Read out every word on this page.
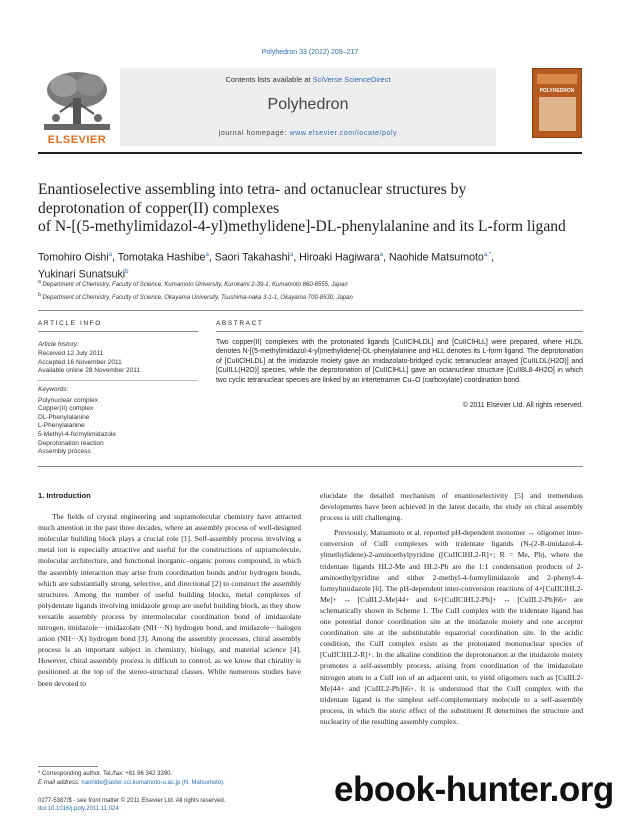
Polyhedron 33 (2012) 209–217
ELSEVIER
Contents lists available at SciVerse ScienceDirect
Polyhedron
journal homepage: www.elsevier.com/locate/poly
POLYHEDRON
Enantioselective assembling into tetra- and octanuclear structures by
deprotonation of copper(II) complexes
of N-[(5-methylimidazol-4-yl)methylidene]-DL-phenylalanine and its L-form ligand
Tomohiro Oishi$^a$, Tomotaka Hashibe$^a$, Saori Takahashi$^a$, Hiroaki Hagiwara$^a$, Naohide Matsumoto$^{a,*}$,
Yukinari Sunatsuki$^b$
$^a$ Department of Chemistry, Faculty of Science, Kumamoto University, Kurokami 2-39-1, Kumamoto 860-8555, Japan
$^b$ Department of Chemistry, Faculty of Science, Okayama University, Tsushima-naka 3-1-1, Okayama 700-8530, Japan
ARTICLE INFO	ABSTRACT
Article history:
Received 12 July 2011
Accepted 16 November 2011
Available online 28 November 2011
Keywords:
Polynuclear complex
Copper(II) complex
DL-Phenylalanine
L-Phenylalanine
5-Methyl-4-formylimidazole
Deprotonation reaction
Assembly process
Two copper(II) complexes with the protonated ligands [CuIIClHLDL] and [CuIIClHLL] were prepared, where HLDL denotes N-[(5-methylimidazol-4-yl)methylidene]-DL-phenylalanine and HLL denotes its L-form ligand. The deprotonation of [CuIIClHLDL] at the imidazole moiety gave an imidazolato-bridged cyclic tetranuclear arrayed [CuIILDL(H2O)] and [CuIILL(H2O)] species, while the deprotonation of [CuIIClHLL] gave an octanuclear structure [CuII8L8·4H2O] in which two cyclic tetranuclear species are linked by an intertetramer Cu–O (carboxylate) coordination bond.
© 2011 Elsevier Ltd. All rights reserved.
1. Introduction

The fields of crystal engineering and supramolecular chemistry have attracted much attention in the past three decades, where an assembly process of well-designed molecular building block plays a crucial role [1]. Self-assembly process involving a metal ion is especially attractive and useful for the constructions of supramolecule, molecular architecture, and functional inorganic–organic porous compound, in which the assembly interaction may arise from coordination bonds and/or hydrogen bonds, which are substantially strong, selective, and directional [2] to construct the assembly structures. Among the number of useful building blocks, metal complexes of polydentate ligands involving imidazole group are useful building block, as they show versatile assembly process by intermolecular coordination bond of imidazolate nitrogen, imidazole···imidazolate (NH···N) hydrogen bond, and imidazole···halogen anion (NH···X) hydrogen bond [3]. Among the assembly processes, chiral assembly process is an important subject in chemistry, biology, and material science [4]. However, chiral assembly process is difficult to control, as we know that chirality is positioned at the top of the stereo-structural classes. While numerous studies have been devoted to

elucidate the detailed mechanism of enantioselectivity [5] and tremendous developments have been achieved in the latest decade, the study on chiral assembly process is still challenging.

Previously, Matsumoto et al. reported pH-dependent monomer ↔ oligomer inter-conversion of CuII complexes with tridentate ligands (N-(2-R-imidazol-4-ylmethylidene)-2-aminoethylpyridine ([CuIIClHL2-R]+; R = Me, Ph), where the tridentate ligands HL2-Me and HL2-Ph are the 1:1 condensation products of 2-aminoethylpyridine and either 2-methyl-4-formylimidazole and 2-phenyl-4-formylimidazole [6]. The pH-dependent inter-conversion reactions of 4×[CuIIClHL2-Me]+ ↔ [CuIIL2-Me]44+ and 6×[CuIIClHL2-Ph]+ ↔ [CuIIL2-Ph]66+ are schematically shown in Scheme 1. The CuII complex with the tridentate ligand has one potential donor coordination site at the imidazole moiety and one acceptor coordination site at the substitutable equatorial coordination site. In the acidic condition, the CuII complex exists as the protonated mononuclear species of [CuIIClHL2-R]+. In the alkaline condition the deprotonation at the imidazole moiety promotes a self-assembly process, arising from coordination of the imidazolate nitrogen atom to a CuII ion of an adjacent unit, to yield oligomers such as [CuIIL2-Me]44+ and [CuIIL2-Ph]66+. It is understood that the CuII complex with the tridentate ligand is the simplest self-complementary molecule to a self-assembly process, in which the steric effect of the substituent R determines the structure and nuclearity of the resulting assembly complex.

* Corresponding author. Tel./fax: +81 96 342 3390.
E-mail address: naohide@aster.sci.kumamoto-u.ac.jp (N. Matsumoto).
0277-5387/$ - see front matter © 2011 Elsevier Ltd. All rights reserved.
doi:10.1016/j.poly.2011.11.024	ebook-hunter.org
